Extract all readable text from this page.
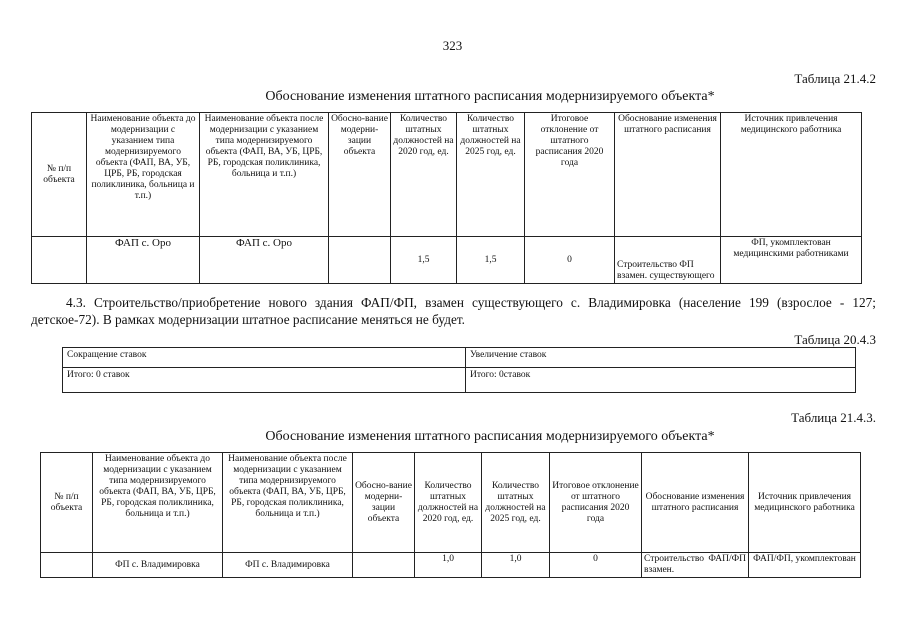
323
Таблица 21.4.2
Обоснование изменения штатного расписания модернизируемого объекта*
№ п/п объекта	Наименование объекта до модернизации с указанием типа модернизируемого объекта (ФАП, ВА, УБ, ЦРБ, РБ, городская поликлиника, больница и т.п.)	Наименование объекта после модернизации с указанием типа модернизируемого объекта (ФАП, ВА, УБ, ЦРБ, РБ, городская поликлиника, больница и т.п.)	Обосно-вание модерни-зации объекта	Количество штатных должностей на 2020 год, ед.	Количество штатных должностей на 2025 год, ед.	Итоговое отклонение от штатного расписания 2020 года	Обоснование изменения штатного расписания	Источник привлечения медицинского работника
	ФАП с. Оро	ФАП с. Оро		1,5	1,5	0	Строительство ФП взамен. существующего	ФП, укомплектован медицинскими работниками
4.3. Строительство/приобретение нового здания ФАП/ФП, взамен существующего с. Владимировка (население 199 (взрослое - 127; детское-72). В рамках модернизации штатное расписание меняться не будет.
Таблица 20.4.3
Сокращение ставок	Увеличение ставок
Итого: 0 ставок	Итого: 0ставок
Таблица 21.4.3.
Обоснование изменения штатного расписания модернизируемого объекта*
№ п/п объекта	Наименование объекта до модернизации с указанием типа модернизируемого объекта (ФАП, ВА, УБ, ЦРБ, РБ, городская поликлиника, больница и т.п.)	Наименование объекта после модернизации с указанием типа модернизируемого объекта (ФАП, ВА, УБ, ЦРБ, РБ, городская поликлиника, больница и т.п.)	Обосно-вание модерни-зации объекта	Количество штатных должностей на 2020 год, ед.	Количество штатных должностей на 2025 год, ед.	Итоговое отклонение от штатного расписания 2020 года	Обоснование изменения штатного расписания	Источник привлечения медицинского работника
	ФП с. Владимировка	ФП с. Владимировка		1,0	1,0	0	Строительство ФАП/ФП взамен.	ФАП/ФП, укомплектован
